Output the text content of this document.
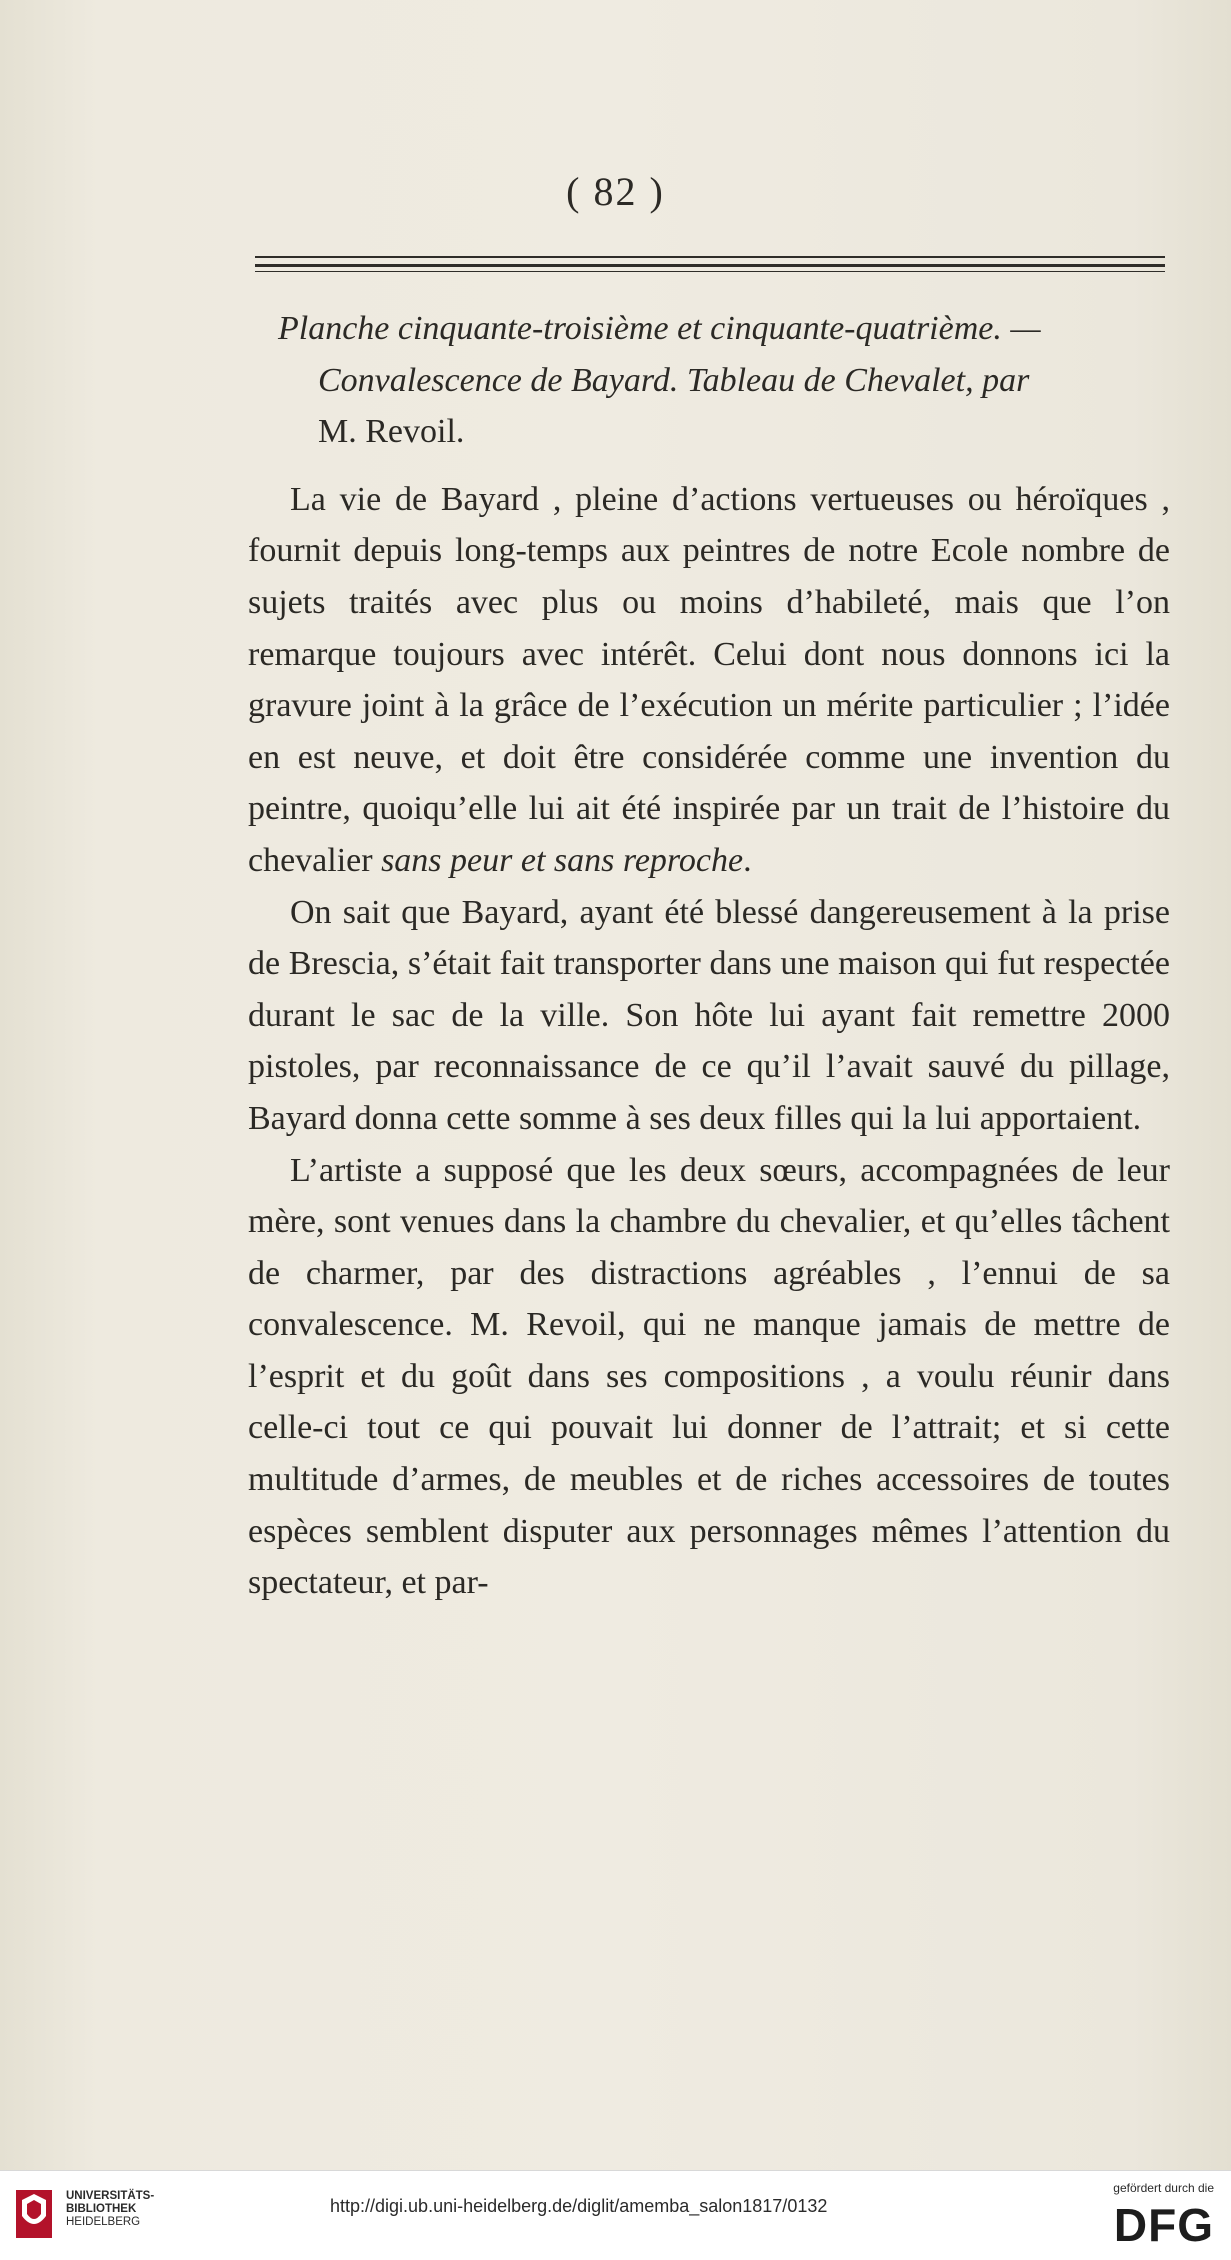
( 82 )

Planche cinquante-troisième et cinquante-quatrième. —
Convalescence de Bayard. Tableau de Chevalet, par
M. Revoil.

La vie de Bayard , pleine d’actions vertueuses ou héroïques , fournit depuis long-temps aux peintres de notre Ecole nombre de sujets traités avec plus ou moins d’habileté, mais que l’on remarque toujours avec intérêt. Celui dont nous donnons ici la gravure joint à la grâce de l’exécution un mérite particulier ; l’idée en est neuve, et doit être considérée comme une invention du peintre, quoiqu’elle lui ait été inspirée par un trait de l’histoire du chevalier sans peur et sans reproche.

On sait que Bayard, ayant été blessé dangereusement à la prise de Brescia, s’était fait transporter dans une maison qui fut respectée durant le sac de la ville. Son hôte lui ayant fait remettre 2000 pistoles, par reconnaissance de ce qu’il l’avait sauvé du pillage, Bayard donna cette somme à ses deux filles qui la lui apportaient.

L’artiste a supposé que les deux sœurs, accompagnées de leur mère, sont venues dans la chambre du chevalier, et qu’elles tâchent de charmer, par des distractions agréables , l’ennui de sa convalescence. M. Revoil, qui ne manque jamais de mettre de l’esprit et du goût dans ses compositions , a voulu réunir dans celle-ci tout ce qui pouvait lui donner de l’attrait; et si cette multitude d’armes, de meubles et de riches accessoires de toutes espèces semblent disputer aux personnages mêmes l’attention du spectateur, et par-

UNIVERSITÄTS-
BIBLIOTHEK
HEIDELBERG
http://digi.ub.uni-heidelberg.de/diglit/amemba_salon1817/0132
gefördert durch die
DFG
